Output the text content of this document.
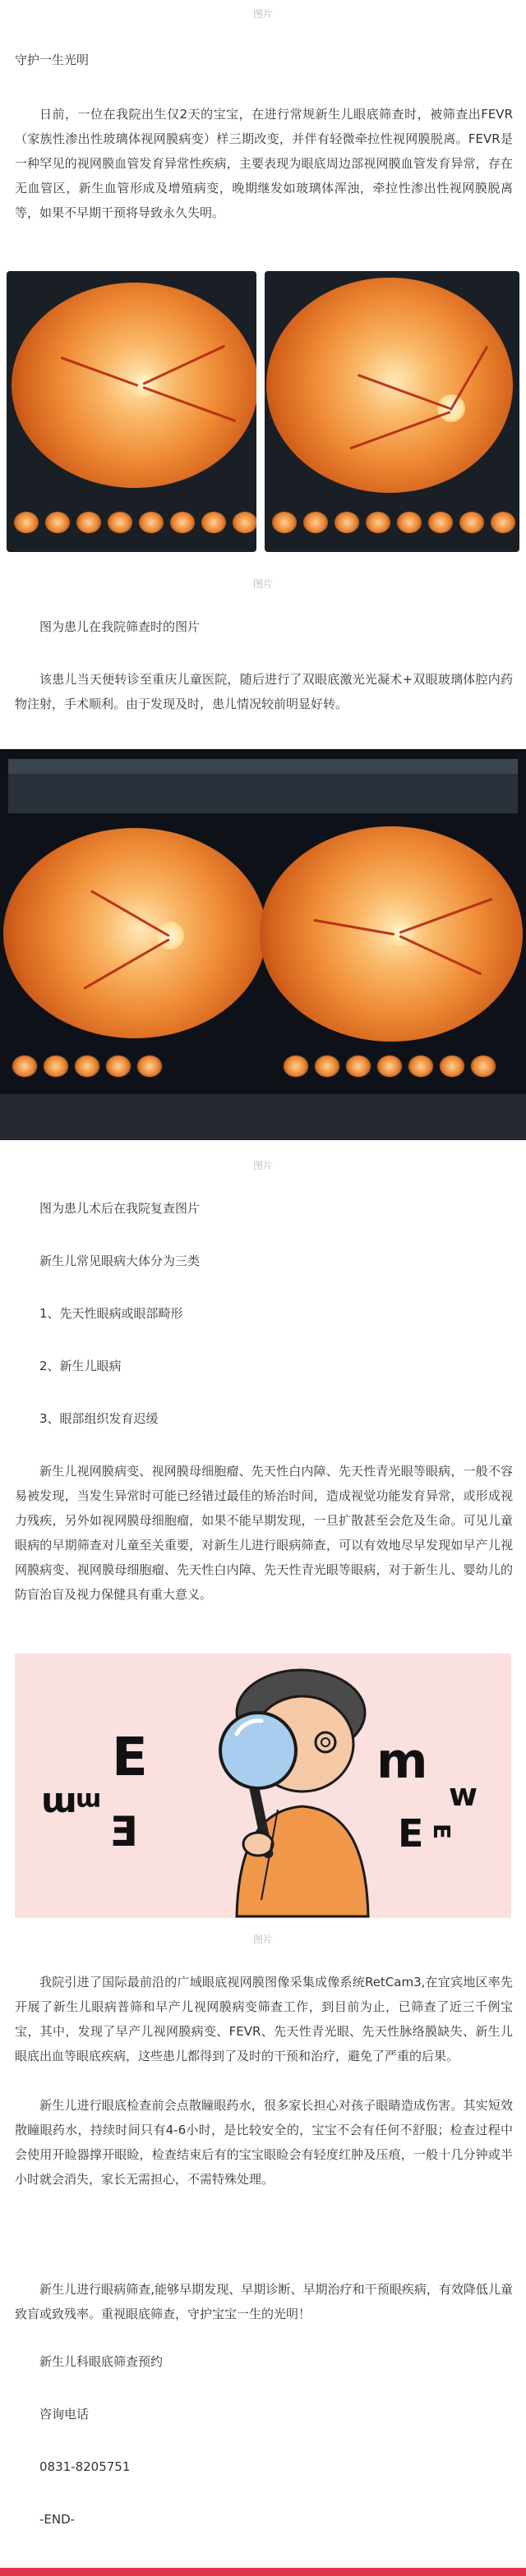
图片

守护一生光明

日前，一位在我院出生仅2天的宝宝，在进行常规新生儿眼底筛查时，被筛查出FEVR（家族性渗出性玻璃体视网膜病变）样三期改变，并伴有轻微牵拉性视网膜脱离。FEVR是一种罕见的视网膜血管发育异常性疾病，主要表现为眼底周边部视网膜血管发育异常，存在无血管区，新生血管形成及增殖病变，晚期继发如玻璃体浑浊，牵拉性渗出性视网膜脱离等，如果不早期干预将导致永久失明。

图片

图为患儿在我院筛查时的图片

该患儿当天便转诊至重庆儿童医院，随后进行了双眼底激光光凝术+双眼玻璃体腔内药物注射，手术顺利。由于发现及时，患儿情况较前明显好转。

图片

图为患儿术后在我院复查图片

新生儿常见眼病大体分为三类

1、先天性眼病或眼部畸形

2、新生儿眼病

3、眼部组织发育迟缓

新生儿视网膜病变、视网膜母细胞瘤、先天性白内障、先天性青光眼等眼病，一般不容易被发现，当发生异常时可能已经错过最佳的矫治时间，造成视觉功能发育异常，或形成视力残疾，另外如视网膜母细胞瘤，如果不能早期发现，一旦扩散甚至会危及生命。可见儿童眼病的早期筛查对儿童至关重要，对新生儿进行眼病筛查，可以有效地尽早发现如早产儿视网膜病变、视网膜母细胞瘤、先天性白内障、先天性青光眼等眼病，对于新生儿、婴幼儿的防盲治盲及视力保健具有重大意义。

E	m
m
E
w
E E
m
图片

我院引进了国际最前沿的广域眼底视网膜图像采集成像系统RetCam3,在宜宾地区率先开展了新生儿眼病普筛和早产儿视网膜病变筛查工作，到目前为止，已筛查了近三千例宝宝，其中，发现了早产儿视网膜病变、FEVR、先天性青光眼、先天性脉络膜缺失、新生儿眼底出血等眼底疾病，这些患儿都得到了及时的干预和治疗，避免了严重的后果。

新生儿进行眼底检查前会点散瞳眼药水，很多家长担心对孩子眼睛造成伤害。其实短效散瞳眼药水，持续时间只有4-6小时，是比较安全的，宝宝不会有任何不舒服；检查过程中会使用开睑器撑开眼睑，检查结束后有的宝宝眼睑会有轻度红肿及压痕，一般十几分钟或半小时就会消失，家长无需担心，不需特殊处理。

新生儿进行眼病筛查,能够早期发现、早期诊断、早期治疗和干预眼疾病，有效降低儿童致盲或致残率。重视眼底筛查，守护宝宝一生的光明！

新生儿科眼底筛查预约

咨询电话

0831-8205751

-END-
